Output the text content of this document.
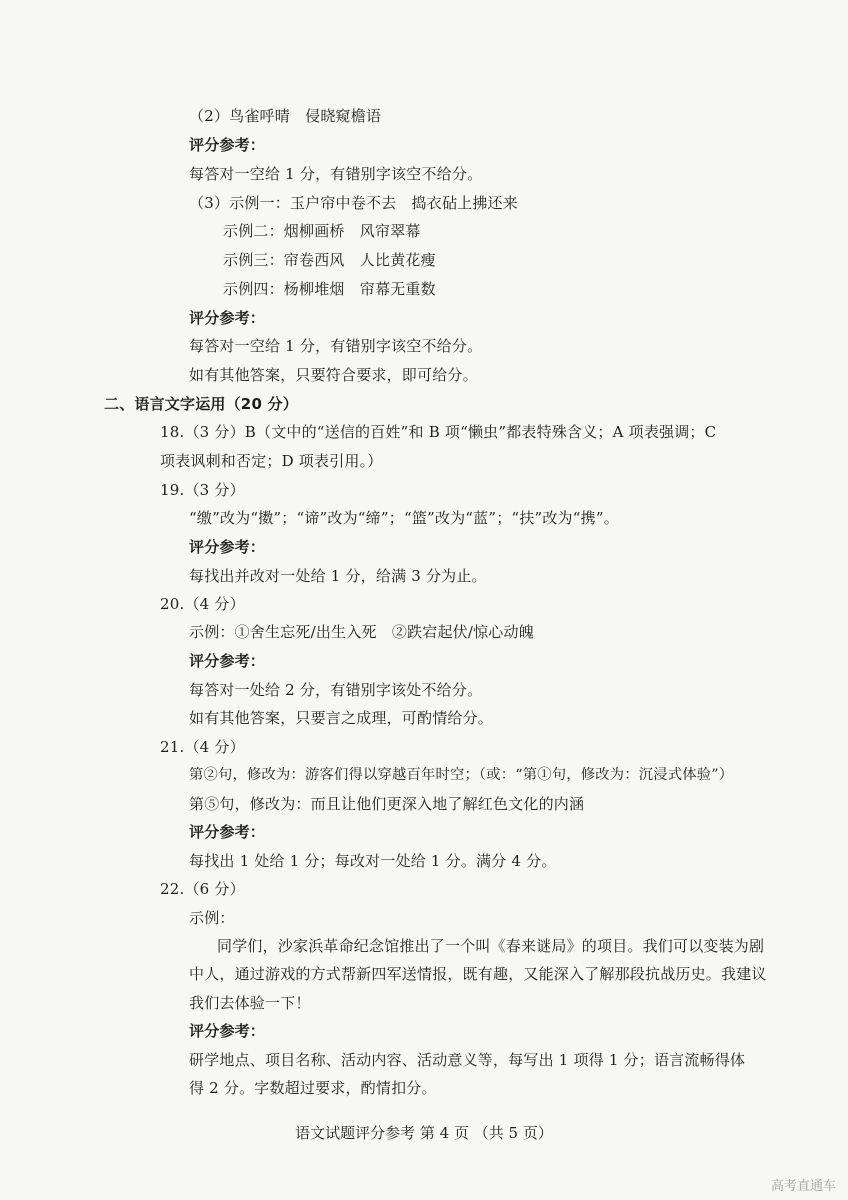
（2）鸟雀呼晴　侵晓窥檐语
评分参考：
每答对一空给 1 分，有错别字该空不给分。
（3）示例一：玉户帘中卷不去　捣衣砧上拂还来
示例二：烟柳画桥　风帘翠幕
示例三：帘卷西风　人比黄花瘦
示例四：杨柳堆烟　帘幕无重数
评分参考：
每答对一空给 1 分，有错别字该空不给分。
如有其他答案，只要符合要求，即可给分。
二、语言文字运用（20 分）
18.（3 分）B（文中的“送信的百姓”和 B 项“懒虫”都表特殊含义；A 项表强调；C
项表讽刺和否定；D 项表引用。）
19.（3 分）
“缴”改为“擞”；“谛”改为“缔”；“篮”改为“蓝”；“扶”改为“携”。
评分参考：
每找出并改对一处给 1 分，给满 3 分为止。
20.（4 分）
示例：①舍生忘死/出生入死　②跌宕起伏/惊心动魄
评分参考：
每答对一处给 2 分，有错别字该处不给分。
如有其他答案，只要言之成理，可酌情给分。
21.（4 分）
第②句，修改为：游客们得以穿越百年时空；（或：“第①句，修改为：沉浸式体验”）
第⑤句，修改为：而且让他们更深入地了解红色文化的内涵
评分参考：
每找出 1 处给 1 分；每改对一处给 1 分。满分 4 分。
22.（6 分）
示例：
同学们，沙家浜革命纪念馆推出了一个叫《春来谜局》的项目。我们可以变装为剧
中人，通过游戏的方式帮新四军送情报，既有趣，又能深入了解那段抗战历史。我建议
我们去体验一下！
评分参考：
研学地点、项目名称、活动内容、活动意义等，每写出 1 项得 1 分；语言流畅得体
得 2 分。字数超过要求，酌情扣分。
语文试题评分参考 第 4 页 （共 5 页）
高考直通车
